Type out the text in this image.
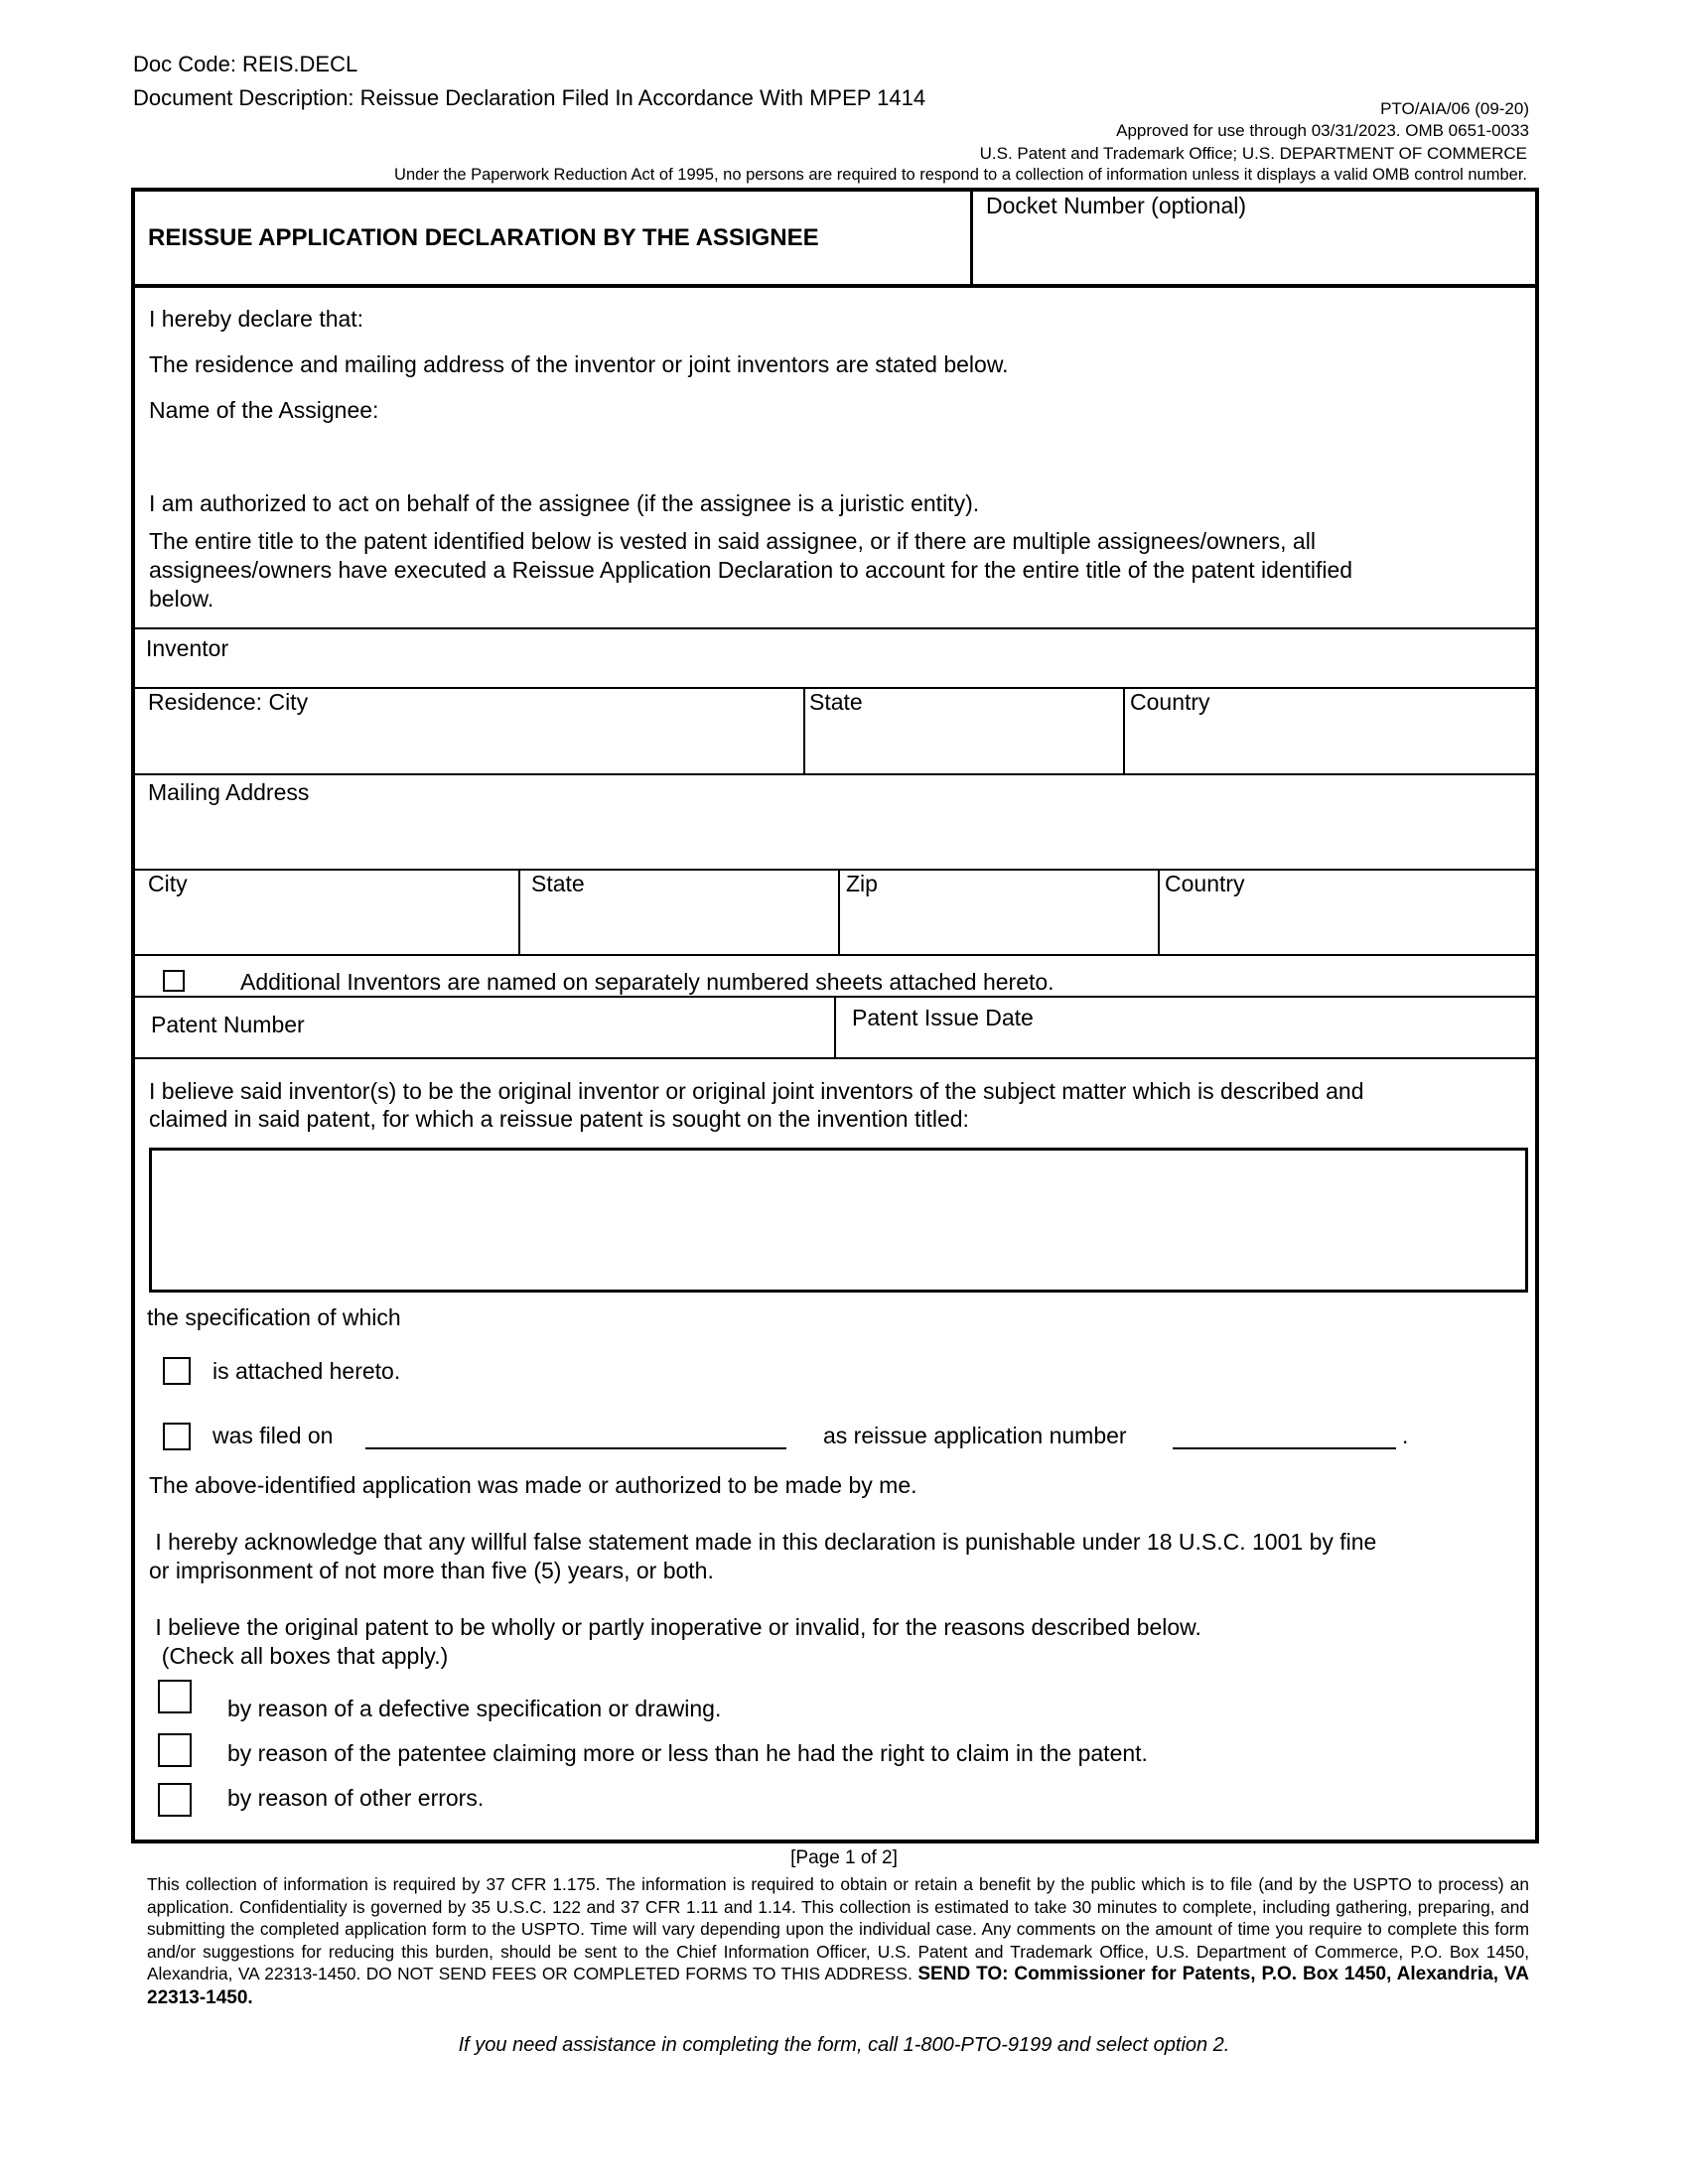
Doc Code: REIS.DECL
Document Description: Reissue Declaration Filed In Accordance With MPEP 1414	PTO/AIA/06 (09-20)
Approved for use through 03/31/2023. OMB 0651-0033
U.S. Patent and Trademark Office; U.S. DEPARTMENT OF COMMERCE
Under the Paperwork Reduction Act of 1995, no persons are required to respond to a collection of information unless it displays a valid OMB control number.
REISSUE APPLICATION DECLARATION BY THE ASSIGNEE
Docket Number (optional)
I hereby declare that:
The residence and mailing address of the inventor or joint inventors are stated below.
Name of the Assignee:
I am authorized to act on behalf of the assignee (if the assignee is a juristic entity).
The entire title to the patent identified below is vested in said assignee, or if there are multiple assignees/owners, all
assignees/owners have executed a Reissue Application Declaration to account for the entire title of the patent identified
below.
Inventor
Residence: City	State	Country
Mailing Address
City	State	Zip	Country
Additional Inventors are named on separately numbered sheets attached hereto.
Patent Number	Patent Issue Date
I believe said inventor(s) to be the original inventor or original joint inventors of the subject matter which is described and
claimed in said patent, for which a reissue patent is sought on the invention titled:
the specification of which
is attached hereto.
was filed on	as reissue application number	.
The above-identified application was made or authorized to be made by me.
I hereby acknowledge that any willful false statement made in this declaration is punishable under 18 U.S.C. 1001 by fine
or imprisonment of not more than five (5) years, or both.
I believe the original patent to be wholly or partly inoperative or invalid, for the reasons described below.
(Check all boxes that apply.)
by reason of a defective specification or drawing.
by reason of the patentee claiming more or less than he had the right to claim in the patent.
by reason of other errors.
[Page 1 of 2]
This collection of information is required by 37 CFR 1.175. The information is required to obtain or retain a benefit by the public which is to file (and by the USPTO to process) an application. Confidentiality is governed by 35 U.S.C. 122 and 37 CFR 1.11 and 1.14. This collection is estimated to take 30 minutes to complete, including gathering, preparing, and submitting the completed application form to the USPTO. Time will vary depending upon the individual case. Any comments on the amount of time you require to complete this form and/or suggestions for reducing this burden, should be sent to the Chief Information Officer, U.S. Patent and Trademark Office, U.S. Department of Commerce, P.O. Box 1450, Alexandria, VA 22313-1450. DO NOT SEND FEES OR COMPLETED FORMS TO THIS ADDRESS. SEND TO: Commissioner for Patents, P.O. Box 1450, Alexandria, VA 22313-1450.
If you need assistance in completing the form, call 1-800-PTO-9199 and select option 2.
